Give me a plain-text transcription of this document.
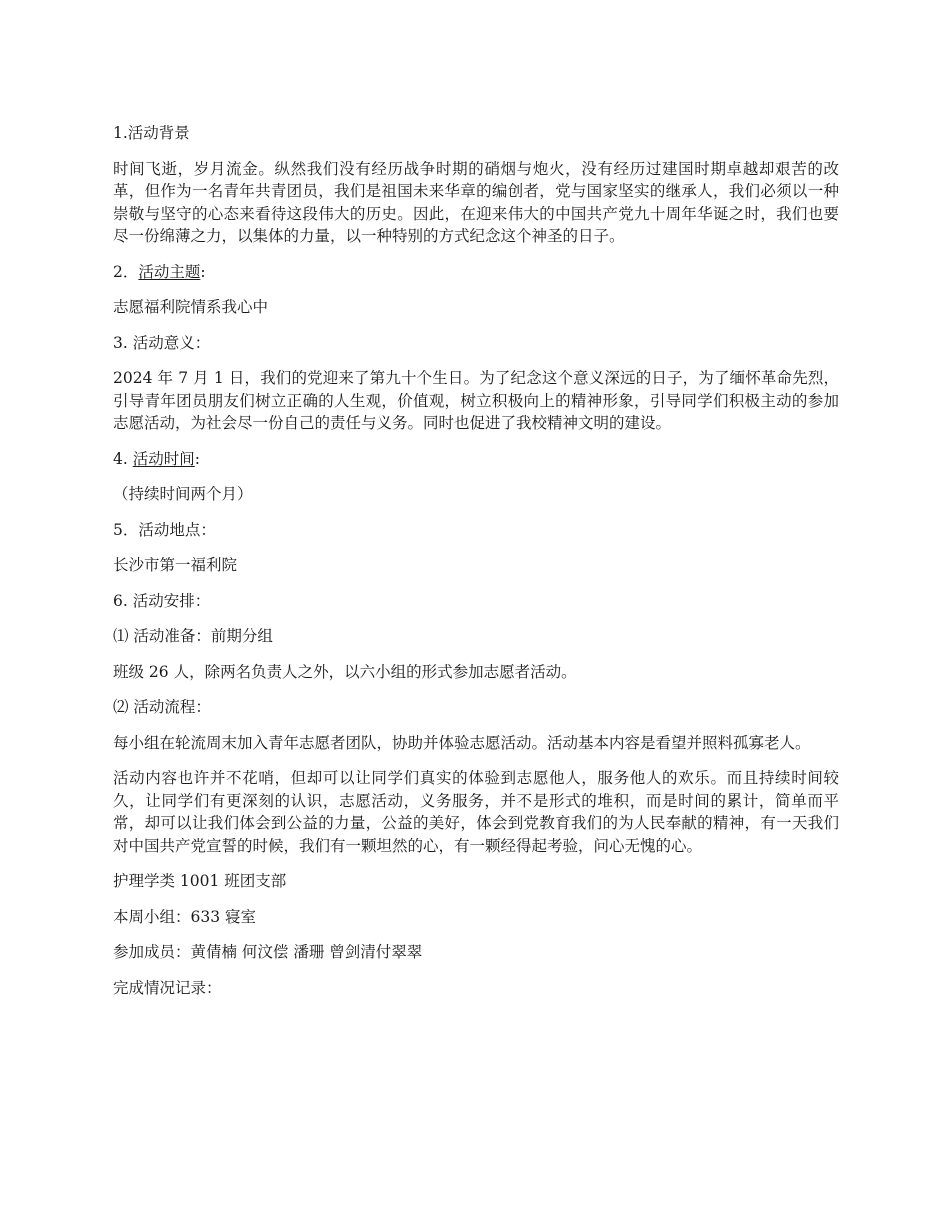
1.活动背景

时间飞逝，岁月流金。纵然我们没有经历战争时期的硝烟与炮火，没有经历过建国时期卓越却艰苦的改革，但作为一名青年共青团员，我们是祖国未来华章的编创者，党与国家坚实的继承人，我们必须以一种崇敬与坚守的心态来看待这段伟大的历史。因此，在迎来伟大的中国共产党九十周年华诞之时，我们也要尽一份绵薄之力，以集体的力量，以一种特别的方式纪念这个神圣的日子。

2．活动主题:

志愿福利院情系我心中

3. 活动意义：

2024 年 7 月 1 日，我们的党迎来了第九十个生日。为了纪念这个意义深远的日子，为了缅怀革命先烈，引导青年团员朋友们树立正确的人生观，价值观，树立积极向上的精神形象，引导同学们积极主动的参加志愿活动，为社会尽一份自己的责任与义务。同时也促进了我校精神文明的建设。

4. 活动时间:

（持续时间两个月）

5．活动地点：

长沙市第一福利院

6. 活动安排：

⑴ 活动准备：前期分组

班级 26 人，除两名负责人之外，以六小组的形式参加志愿者活动。

⑵ 活动流程：

每小组在轮流周末加入青年志愿者团队，协助并体验志愿活动。活动基本内容是看望并照料孤寡老人。

活动内容也许并不花哨，但却可以让同学们真实的体验到志愿他人，服务他人的欢乐。而且持续时间较久，让同学们有更深刻的认识，志愿活动，义务服务，并不是形式的堆积，而是时间的累计，简单而平常，却可以让我们体会到公益的力量，公益的美好，体会到党教育我们的为人民奉献的精神，有一天我们对中国共产党宣誓的时候，我们有一颗坦然的心，有一颗经得起考验，问心无愧的心。

护理学类 1001 班团支部

本周小组：633 寝室

参加成员：黄倩楠 何汶偿 潘珊 曾剑清付翠翠

完成情况记录：
